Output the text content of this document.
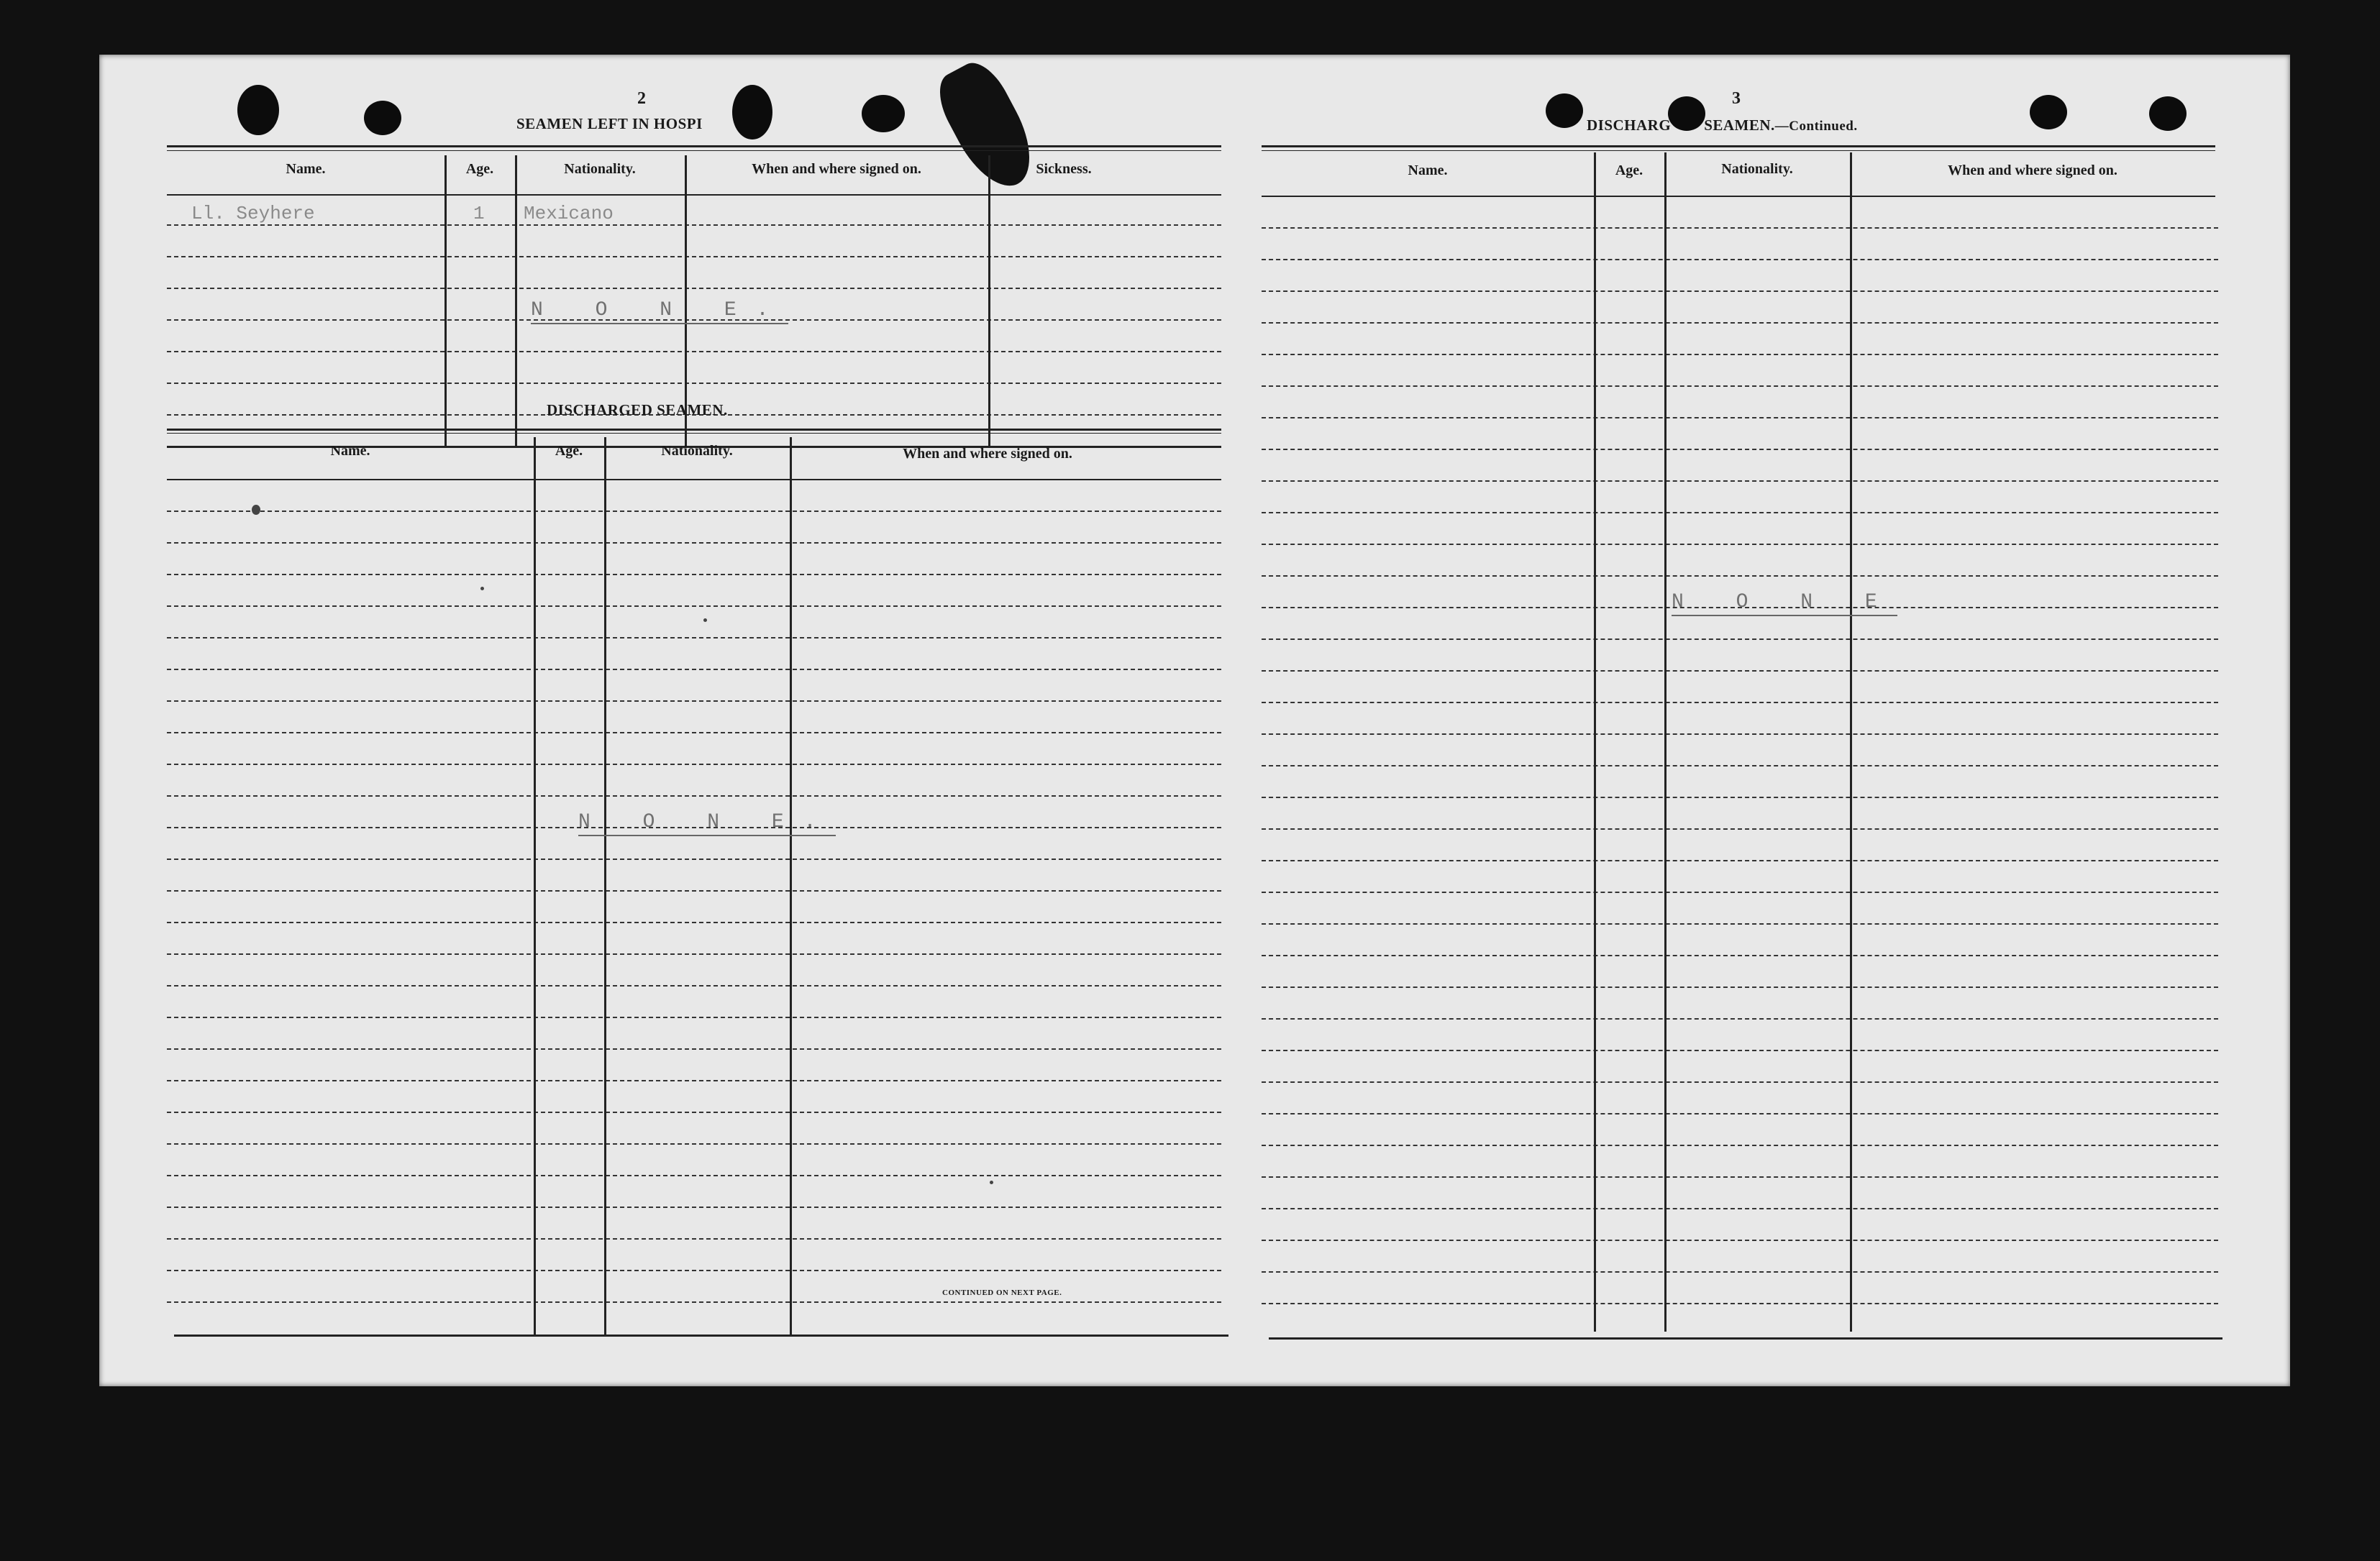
2
SEAMEN LEFT IN HOSPI
Name.	Age.	Nationality.	When and where signed on.	Sickness.
Ll. Seyhere	1 Mexicano
N O N E.
DISCHARGED SEAMEN.
Name.	Age.	Nationality.	When and where signed on.
N O N E.
CONTINUED ON NEXT PAGE.
3
DISCHARG SEAMEN.—Continued.
Name.	Age.	Nationality.	When and where signed on.
N O N E
